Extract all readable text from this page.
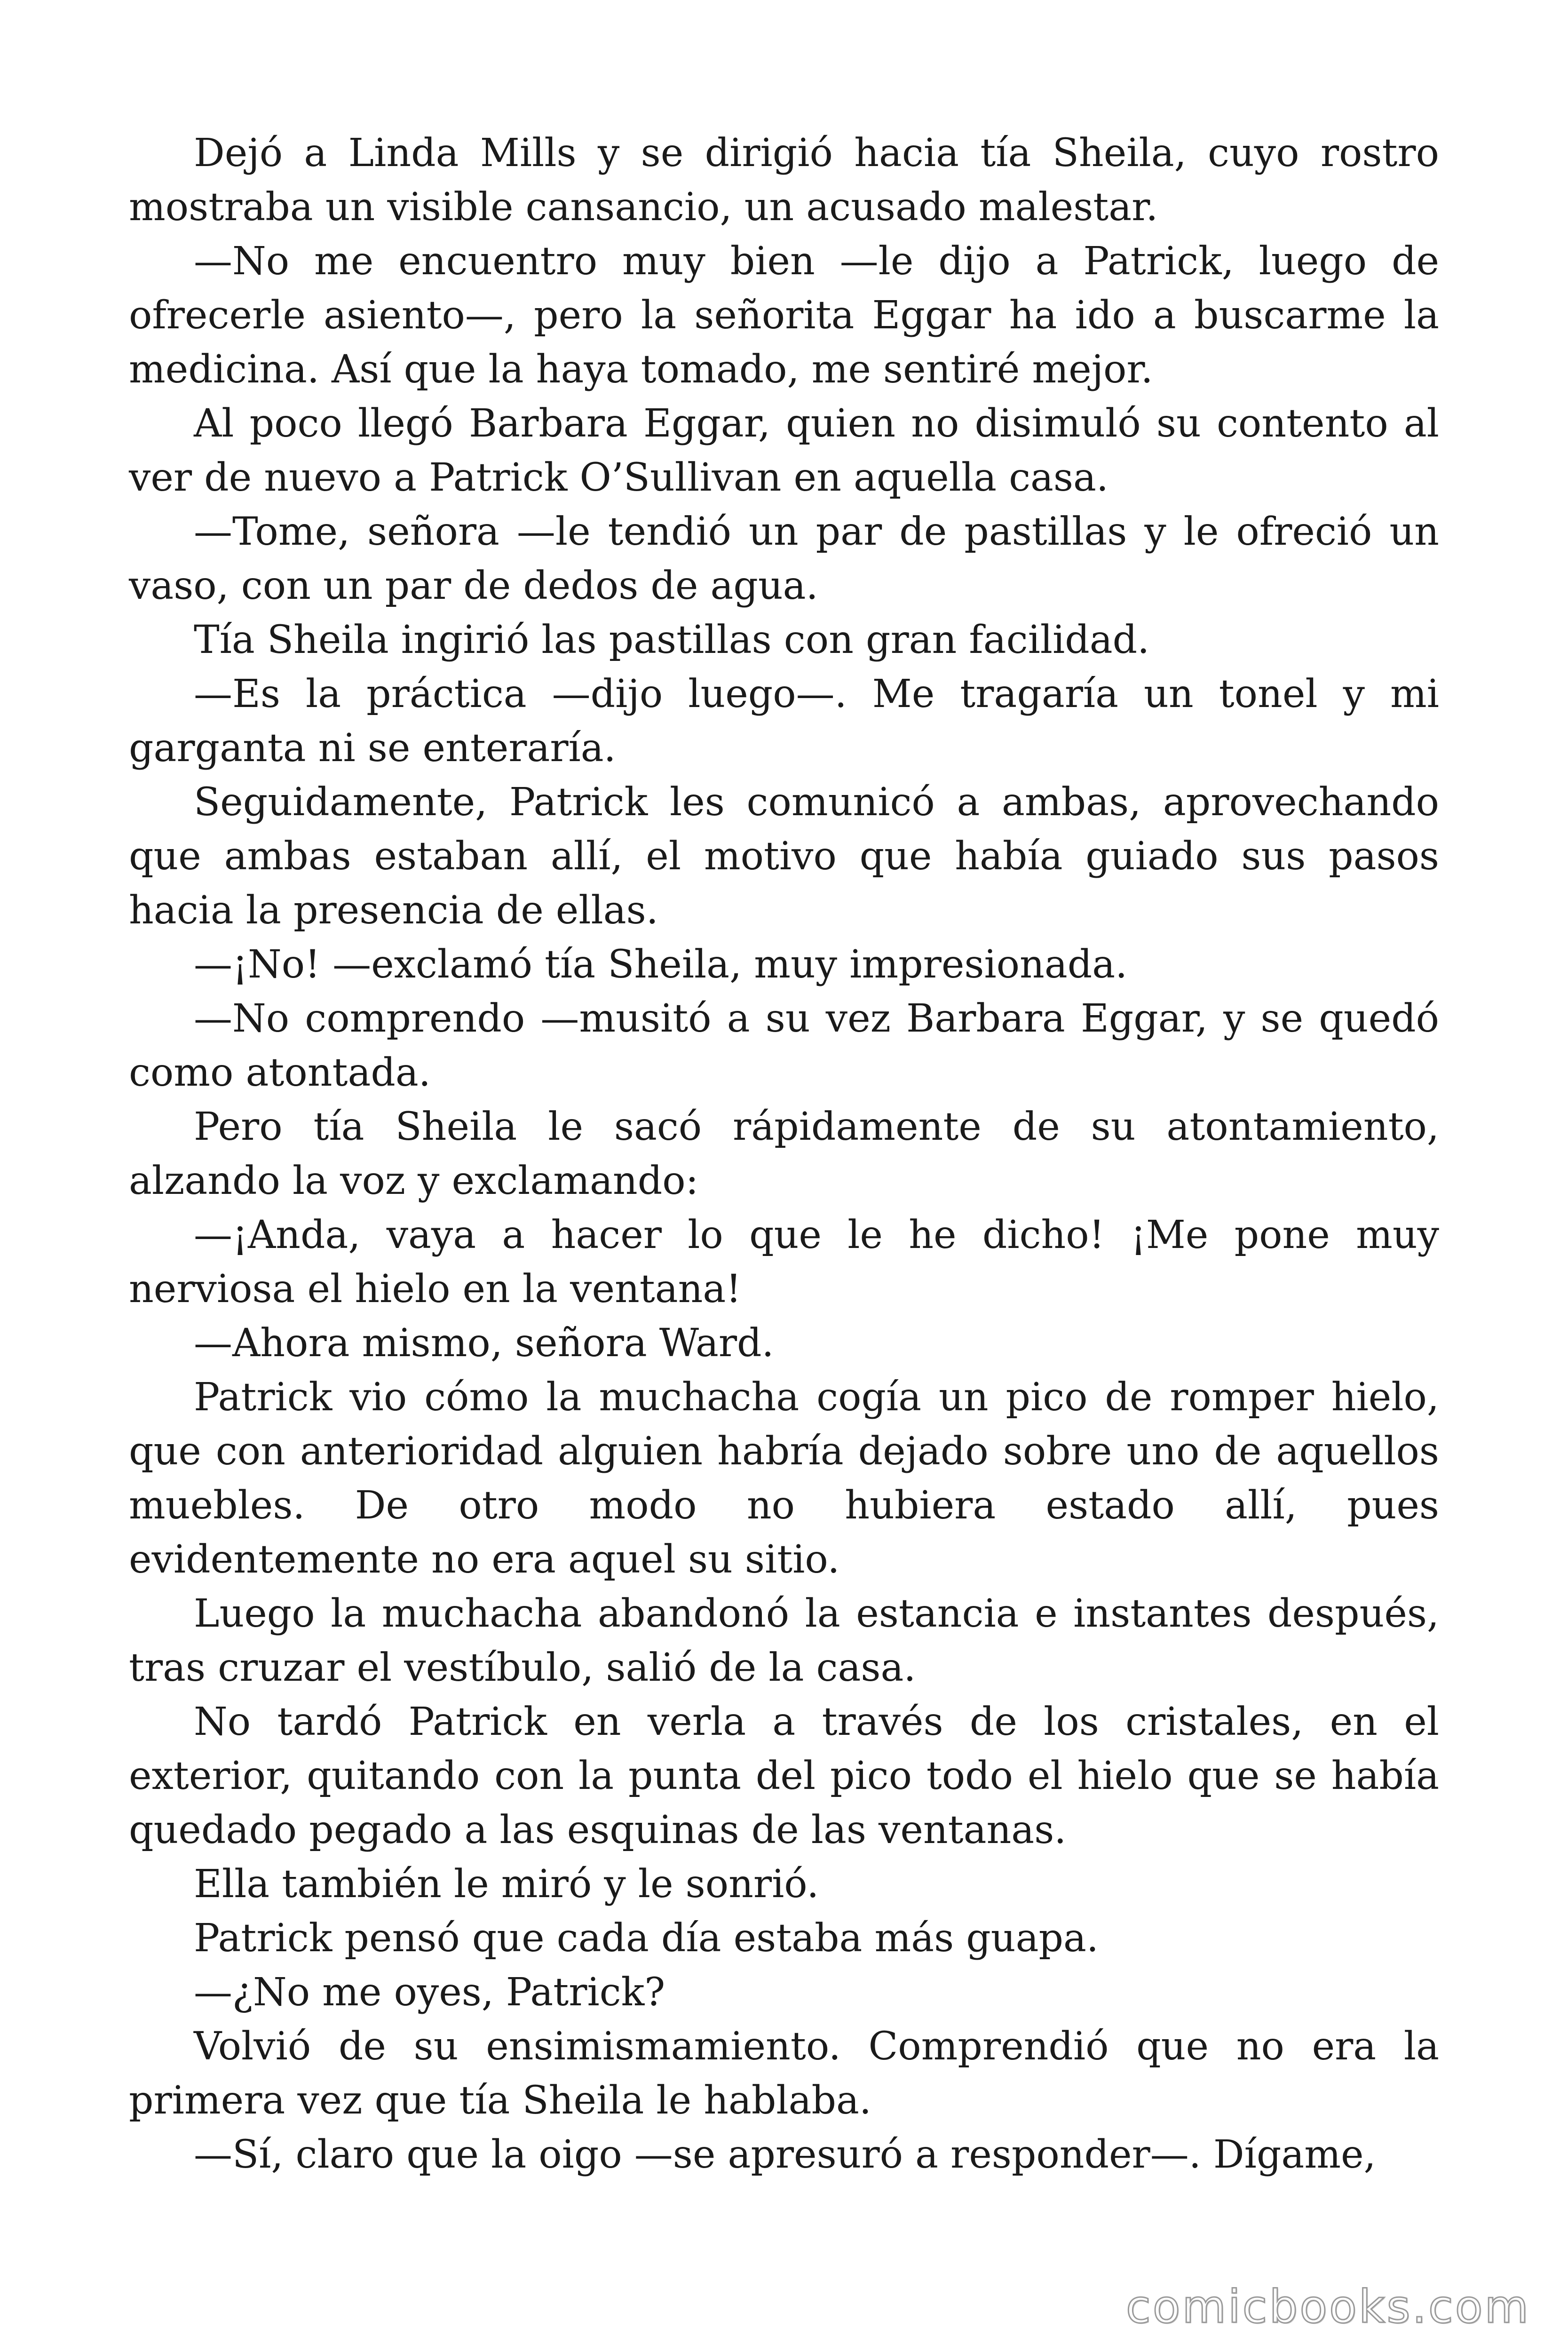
Dejó a Linda Mills y se dirigió hacia tía Sheila, cuyo rostro mostraba un visible cansancio, un acusado malestar.

—No me encuentro muy bien —le dijo a Patrick, luego de ofrecerle asiento—, pero la señorita Eggar ha ido a buscarme la medicina. Así que la haya tomado, me sentiré mejor.

Al poco llegó Barbara Eggar, quien no disimuló su contento al ver de nuevo a Patrick O’Sullivan en aquella casa.

—Tome, señora —le tendió un par de pastillas y le ofreció un vaso, con un par de dedos de agua.

Tía Sheila ingirió las pastillas con gran facilidad.

—Es la práctica —dijo luego—. Me tragaría un tonel y mi garganta ni se enteraría.

Seguidamente, Patrick les comunicó a ambas, aprovechando que ambas estaban allí, el motivo que había guiado sus pasos hacia la presencia de ellas.

—¡No! —exclamó tía Sheila, muy impresionada.

—No comprendo —musitó a su vez Barbara Eggar, y se quedó como atontada.

Pero tía Sheila le sacó rápidamente de su atontamiento, alzando la voz y exclamando:

—¡Anda, vaya a hacer lo que le he dicho! ¡Me pone muy nerviosa el hielo en la ventana!

—Ahora mismo, señora Ward.

Patrick vio cómo la muchacha cogía un pico de romper hielo, que con anterioridad alguien habría dejado sobre uno de aquellos muebles. De otro modo no hubiera estado allí, pues evidentemente no era aquel su sitio.

Luego la muchacha abandonó la estancia e instantes después, tras cruzar el vestíbulo, salió de la casa.

No tardó Patrick en verla a través de los cristales, en el exterior, quitando con la punta del pico todo el hielo que se había quedado pegado a las esquinas de las ventanas.

Ella también le miró y le sonrió.

Patrick pensó que cada día estaba más guapa.

—¿No me oyes, Patrick?

Volvió de su ensimismamiento. Comprendió que no era la primera vez que tía Sheila le hablaba.

—Sí, claro que la oigo —se apresuró a responder—. Dígame,

comicbooks.com
